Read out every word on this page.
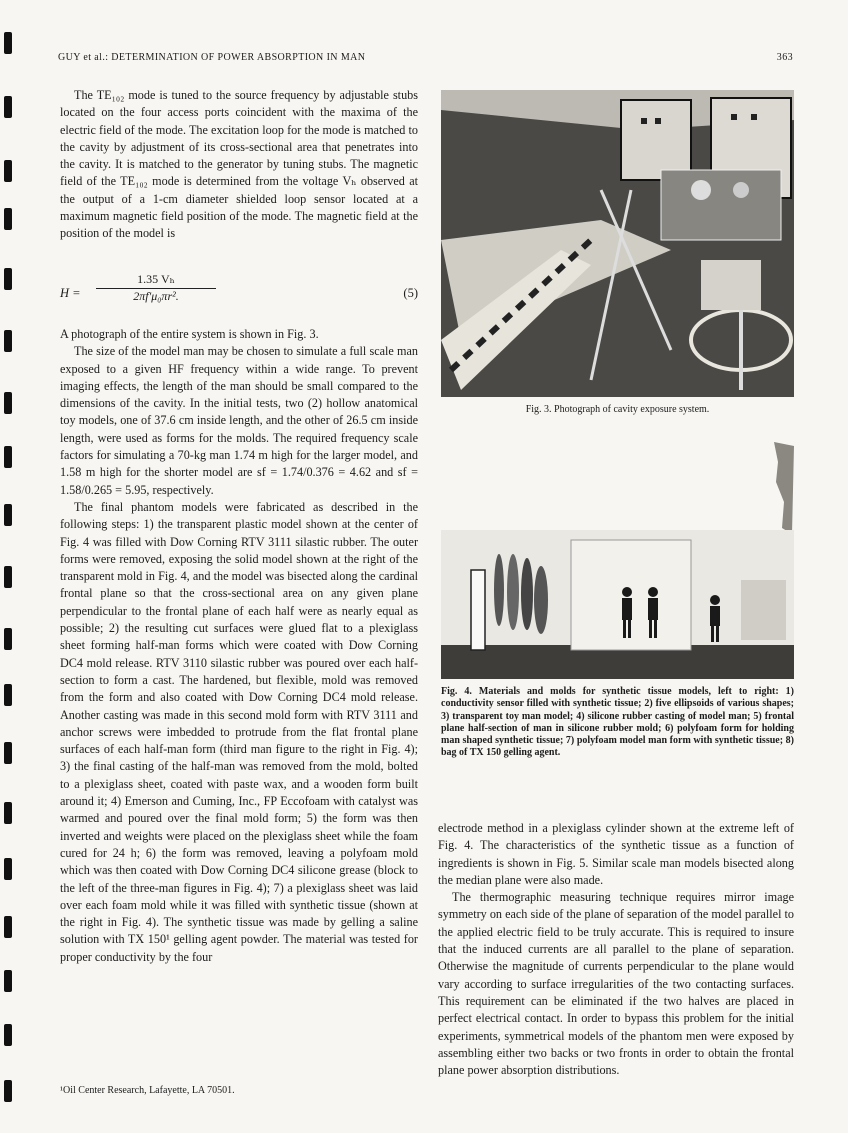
GUY et al.: DETERMINATION OF POWER ABSORPTION IN MAN	363

The TE₁₀₂ mode is tuned to the source frequency by adjustable stubs located on the four access ports coincident with the maxima of the electric field of the mode. The excitation loop for the mode is matched to the cavity by adjustment of its cross-sectional area that penetrates into the cavity. It is matched to the generator by tuning stubs. The magnetic field of the TE₁₀₂ mode is determined from the voltage Vₕ observed at the output of a 1-cm diameter shielded loop sensor located at a maximum magnetic field position of the mode. The magnetic field at the position of the model is

$H = \frac{\text{1.35 Vₕ}}{\text{2πf′μ₀πr².}}$	(5)

A photograph of the entire system is shown in Fig. 3.

The size of the model man may be chosen to simulate a full scale man exposed to a given HF frequency within a wide range. To prevent imaging effects, the length of the man should be small compared to the dimensions of the cavity. In the initial tests, two (2) hollow anatomical toy models, one of 37.6 cm inside length, and the other of 26.5 cm inside length, were used as forms for the molds. The required frequency scale factors for simulating a 70-kg man 1.74 m high for the larger model, and 1.58 m high for the shorter model are sf = 1.74/0.376 = 4.62 and sf = 1.58/0.265 = 5.95, respectively.

The final phantom models were fabricated as described in the following steps: 1) the transparent plastic model shown at the center of Fig. 4 was filled with Dow Corning RTV 3111 silastic rubber. The outer forms were removed, exposing the solid model shown at the right of the transparent mold in Fig. 4, and the model was bisected along the cardinal frontal plane so that the cross-sectional area on any given plane perpendicular to the frontal plane of each half were as nearly equal as possible; 2) the resulting cut surfaces were glued flat to a plexiglass sheet forming half-man forms which were coated with Dow Corning DC4 mold release. RTV 3110 silastic rubber was poured over each half-section to form a cast. The hardened, but flexible, mold was removed from the form and also coated with Dow Corning DC4 mold release. Another casting was made in this second mold form with RTV 3111 and anchor screws were imbedded to protrude from the flat frontal plane surfaces of each half-man form (third man figure to the right in Fig. 4); 3) the final casting of the half-man was removed from the mold, bolted to a plexiglass sheet, coated with paste wax, and a wooden form built around it; 4) Emerson and Cuming, Inc., FP Eccofoam with catalyst was warmed and poured over the final mold form; 5) the form was then inverted and weights were placed on the plexiglass sheet while the foam cured for 24 h; 6) the form was removed, leaving a polyfoam mold which was then coated with Dow Corning DC4 silicone grease (block to the left of the three-man figures in Fig. 4); 7) a plexiglass sheet was laid over each foam mold while it was filled with synthetic tissue (shown at the right in Fig. 4). The synthetic tissue was made by gelling a saline solution with TX 150¹ gelling agent powder. The material was tested for proper conductivity by the four

¹Oil Center Research, Lafayette, LA 70501.
Fig. 3. Photograph of cavity exposure system.
Fig. 4. Materials and molds for synthetic tissue models, left to right: 1) conductivity sensor filled with synthetic tissue; 2) five ellipsoids of various shapes; 3) transparent toy man model; 4) silicone rubber casting of model man; 5) frontal plane half-section of man in silicone rubber mold; 6) polyfoam form for holding man shaped synthetic tissue; 7) polyfoam model man form with synthetic tissue; 8) bag of TX 150 gelling agent.

electrode method in a plexiglass cylinder shown at the extreme left of Fig. 4. The characteristics of the synthetic tissue as a function of ingredients is shown in Fig. 5. Similar scale man models bisected along the median plane were also made.

The thermographic measuring technique requires mirror image symmetry on each side of the plane of separation of the model parallel to the applied electric field to be truly accurate. This is required to insure that the induced currents are all parallel to the plane of separation. Otherwise the magnitude of currents perpendicular to the plane would vary according to surface irregularities of the two contacting surfaces. This requirement can be eliminated if the two halves are placed in perfect electrical contact. In order to bypass this problem for the initial experiments, symmetrical models of the phantom men were exposed by assembling either two backs or two fronts in order to obtain the frontal plane power absorption distributions.
